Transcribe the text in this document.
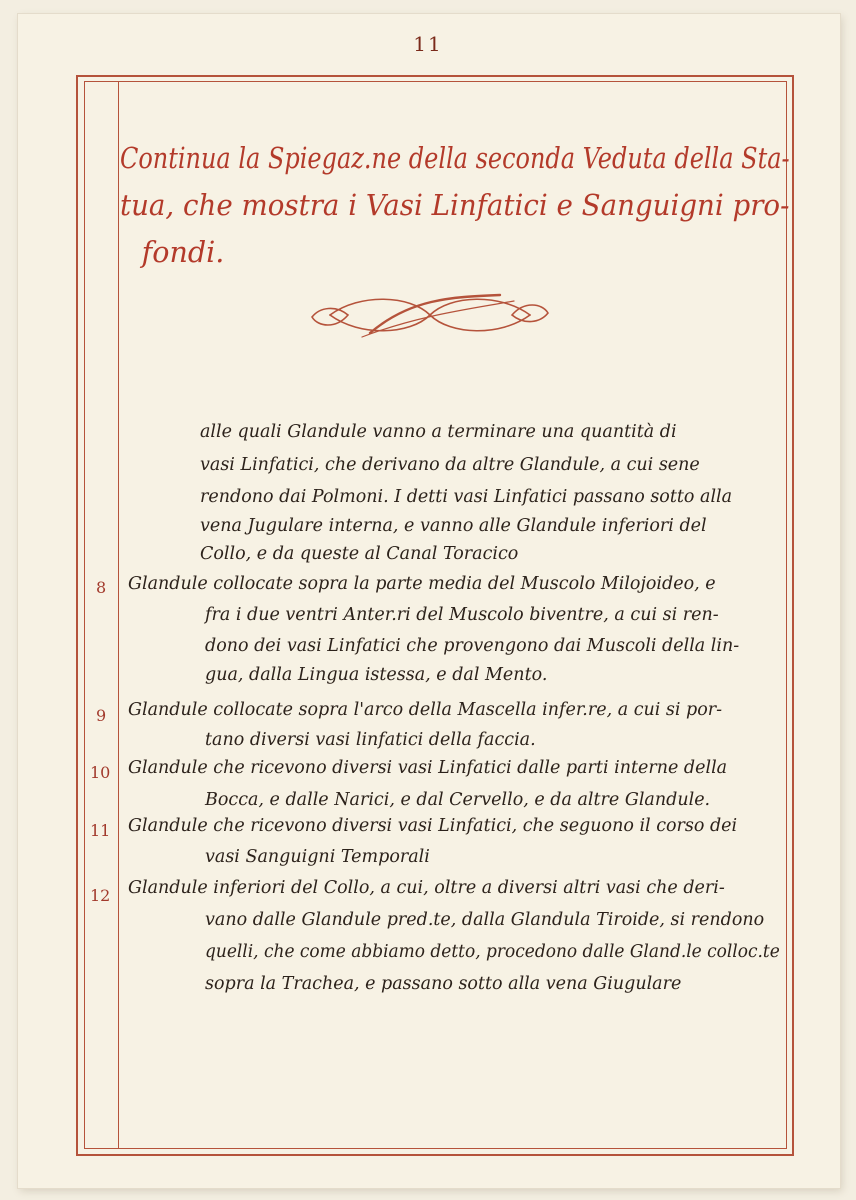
11
Continua la Spiegaz.ne della seconda Veduta della Sta-
tua, che mostra i Vasi Linfatici e Sanguigni pro-
fondi.
alle quali Glandule vanno a terminare una quantità di
vasi Linfatici, che derivano da altre Glandule, a cui sene
rendono dai Polmoni. I detti vasi Linfatici passano sotto alla
vena Jugulare interna, e vanno alle Glandule inferiori del
Collo, e da queste al Canal Toracico
8 Glandule collocate sopra la parte media del Muscolo Milojoideo, e
fra i due ventri Anter.ri del Muscolo biventre, a cui si ren-
dono dei vasi Linfatici che provengono dai Muscoli della lin-
gua, dalla Lingua istessa, e dal Mento.
9 Glandule collocate sopra l'arco della Mascella infer.re, a cui si por-
tano diversi vasi linfatici della faccia.
10 Glandule che ricevono diversi vasi Linfatici dalle parti interne della
Bocca, e dalle Narici, e dal Cervello, e da altre Glandule.
11 Glandule che ricevono diversi vasi Linfatici, che seguono il corso dei
vasi Sanguigni Temporali
12 Glandule inferiori del Collo, a cui, oltre a diversi altri vasi che deri-
vano dalle Glandule pred.te, dalla Glandula Tiroide, si rendono
quelli, che come abbiamo detto, procedono dalle Gland.le colloc.te
sopra la Trachea, e passano sotto alla vena Giugulare
